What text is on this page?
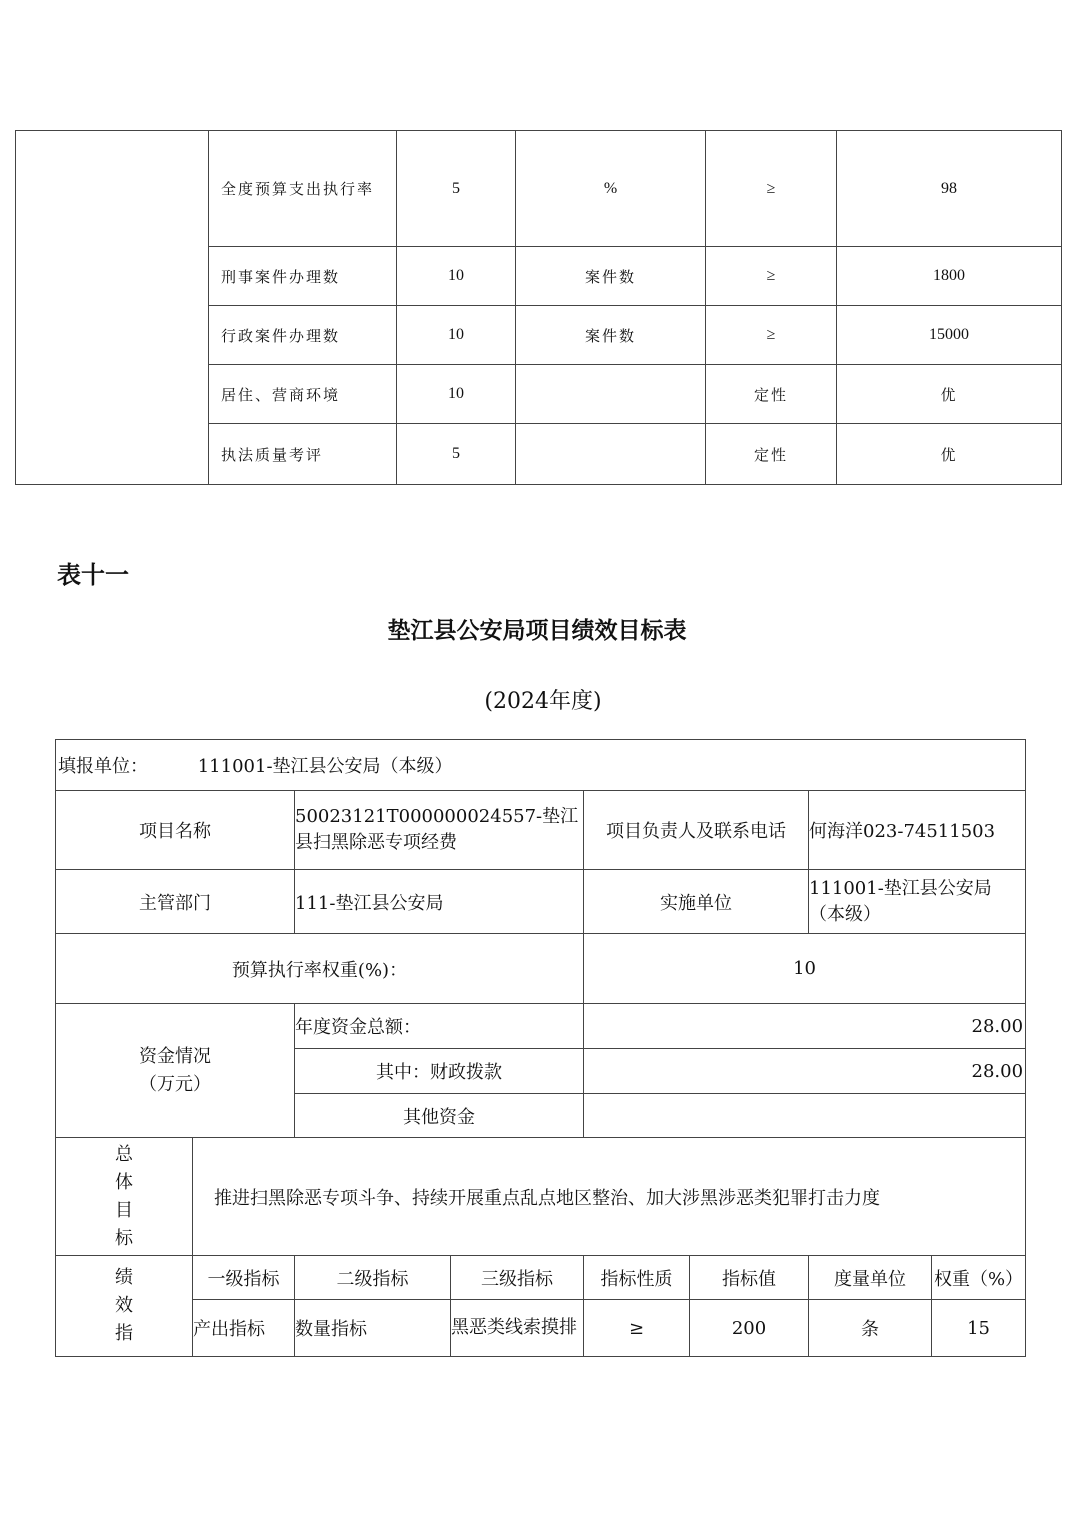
	全度预算支出执行率	5	%	≥	98
	刑事案件办理数	10	案件数	≥	1800
	行政案件办理数	10	案件数	≥	15000
	居住、营商环境	10		定性	优
	执法质量考评	5		定性	优
表十一
垫江县公安局项目绩效目标表

(2024年度)

填报单位： 111001-垫江县公安局（本级）							
项目名称		50023121T000000024557-垫江县扫黑除恶专项经费		项目负责人及联系电话		何海洋023-74511503	
主管部门		111-垫江县公安局		实施单位		111001-垫江县公安局（本级）	
预算执行率权重(%)：				10			

资金情况
（万元）		年度资金总额：		28.00			
		其中：财政拨款		28.00			
		其他资金					

总
体
目
标	推进扫黑除恶专项斗争、持续开展重点乱点地区整治、加大涉黑涉恶类犯罪打击力度						

绩
效
指	一级指标	二级指标	三级指标	指标性质	指标值	度量单位	权重（%）
	产出指标	数量指标	黑恶类线索摸排	≥	200	条	15
